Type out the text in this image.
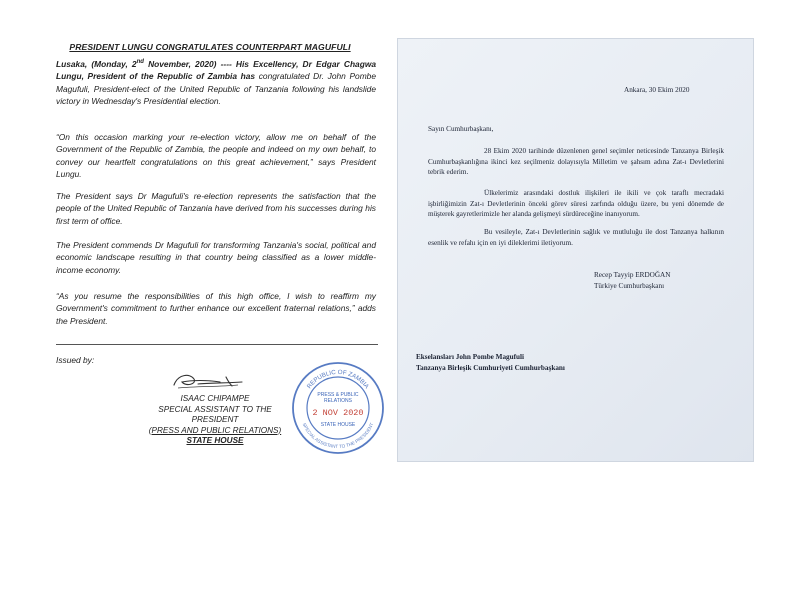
PRESIDENT LUNGU CONGRATULATES COUNTERPART MAGUFULI

Lusaka, (Monday, 2nd November, 2020) ---- His Excellency, Dr Edgar Chagwa Lungu, President of the Republic of Zambia has congratulated Dr. John Pombe Magufuli, President-elect of the United Republic of Tanzania following his landslide victory in Wednesday's Presidential election.

“On this occasion marking your re-election victory, allow me on behalf of the Government of the Republic of Zambia, the people and indeed on my own behalf, to convey our heartfelt congratulations on this great achievement,” says President Lungu.

The President says Dr Magufuli's re-election represents the satisfaction that the people of the United Republic of Tanzania have derived from his successes during his first term of office.

The President commends Dr Magufuli for transforming Tanzania's social, political and economic landscape resulting in that country being classified as a lower middle-income economy.

“As you resume the responsibilities of this high office, I wish to reaffirm my Government's commitment to further enhance our excellent fraternal relations,” adds the President.

Issued by:
ISAAC CHIPAMPE
SPECIAL ASSISTANT TO THE PRESIDENT
(PRESS AND PUBLIC RELATIONS)
STATE HOUSE
REPUBLIC OF ZAMBIA
SPECIAL ASSISTANT TO THE PRESIDENT
PRESS & PUBLIC
RELATIONS
2 NOV 2020
STATE HOUSE
Ankara, 30 Ekim 2020
Sayın Cumhurbaşkanı,

28 Ekim 2020 tarihinde düzenlenen genel seçimler neticesinde Tanzanya Birleşik Cumhurbaşkanlığına ikinci kez seçilmeniz dolayısıyla Milletim ve şahsım adına Zat-ı Devletlerini tebrik ederim.

Ülkelerimiz arasındaki dostluk ilişkileri ile ikili ve çok taraflı mecradaki işbirliğimizin Zat-ı Devletlerinin önceki görev süresi zarfında olduğu üzere, bu yeni dönemde de müşterek gayretlerimizle her alanda gelişmeyi sürdüreceğine inanıyorum.

Bu vesileyle, Zat-ı Devletlerinin sağlık ve mutluluğu ile dost Tanzanya halkının esenlik ve refahı için en iyi dileklerimi iletiyorum.

Recep Tayyip ERDOĞAN
Türkiye Cumhurbaşkanı
Ekselansları John Pombe Magufuli
Tanzanya Birleşik Cumhuriyeti Cumhurbaşkanı
